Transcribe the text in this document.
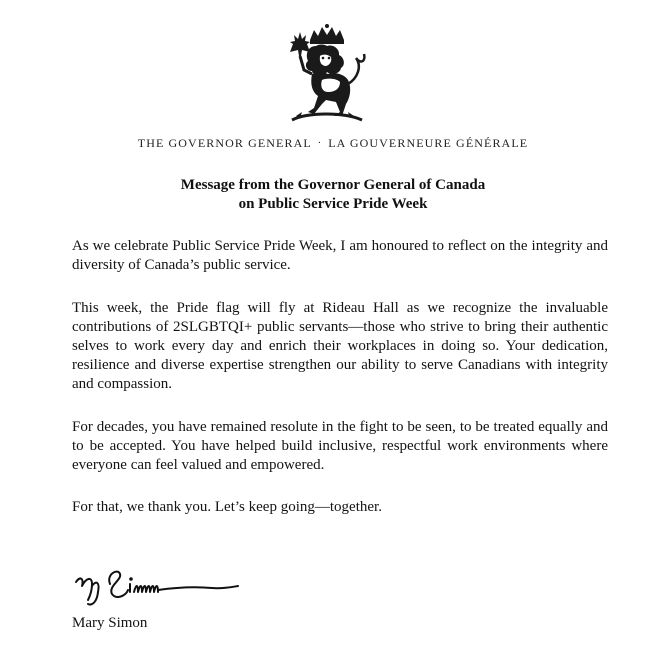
THE GOVERNOR GENERAL · LA GOUVERNEURE GÉNÉRALE
Message from the Governor General of Canada
on Public Service Pride Week
As we celebrate Public Service Pride Week, I am honoured to reflect on the integrity and diversity of Canada’s public service.
This week, the Pride flag will fly at Rideau Hall as we recognize the invaluable contributions of 2SLGBTQI+ public servants—those who strive to bring their authentic selves to work every day and enrich their workplaces in doing so. Your dedication, resilience and diverse expertise strengthen our ability to serve Canadians with integrity and compassion.
For decades, you have remained resolute in the fight to be seen, to be treated equally and to be accepted. You have helped build inclusive, respectful work environments where everyone can feel valued and empowered.
For that, we thank you. Let’s keep going—together.
Mary Simon
